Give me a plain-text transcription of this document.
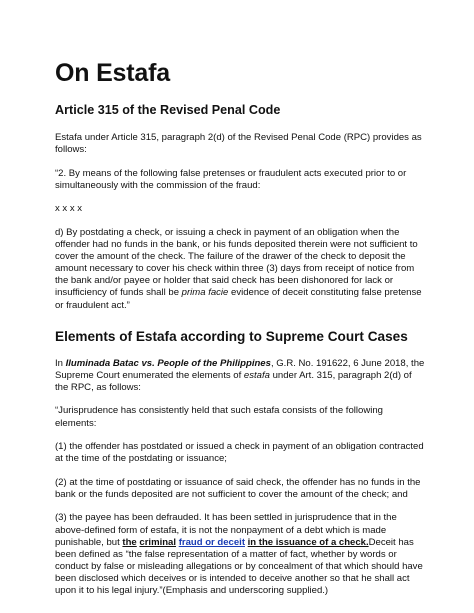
On Estafa
Article 315 of the Revised Penal Code

Estafa under Article 315, paragraph 2(d) of the Revised Penal Code (RPC) provides as follows:

“2. By means of the following false pretenses or fraudulent acts executed prior to or simultaneously with the commission of the fraud:

x x x x

d) By postdating a check, or issuing a check in payment of an obligation when the offender had no funds in the bank, or his funds deposited therein were not sufficient to cover the amount of the check. The failure of the drawer of the check to deposit the amount necessary to cover his check within three (3) days from receipt of notice from the bank and/or payee or holder that said check has been dishonored for lack or insufficiency of funds shall be prima facie evidence of deceit constituting false pretense or fraudulent act.”

Elements of Estafa according to Supreme Court Cases

In Iluminada Batac vs. People of the Philippines, G.R. No. 191622, 6 June 2018, the Supreme Court enumerated the elements of estafa under Art. 315, paragraph 2(d) of the RPC, as follows:

“Jurisprudence has consistently held that such estafa consists of the following elements:

(1) the offender has postdated or issued a check in payment of an obligation contracted at the time of the postdating or issuance;

(2) at the time of postdating or issuance of said check, the offender has no funds in the bank or the funds deposited are not sufficient to cover the amount of the check; and

(3) the payee has been defrauded. It has been settled in jurisprudence that in the above-defined form of estafa, it is not the nonpayment of a debt which is made punishable, but the criminal fraud or deceit in the issuance of a check.Deceit has been defined as “the false representation of a matter of fact, whether by words or conduct by false or misleading allegations or by concealment of that which should have been disclosed which deceives or is intended to deceive another so that he shall act upon it to his legal injury.”(Emphasis and underscoring supplied.)
